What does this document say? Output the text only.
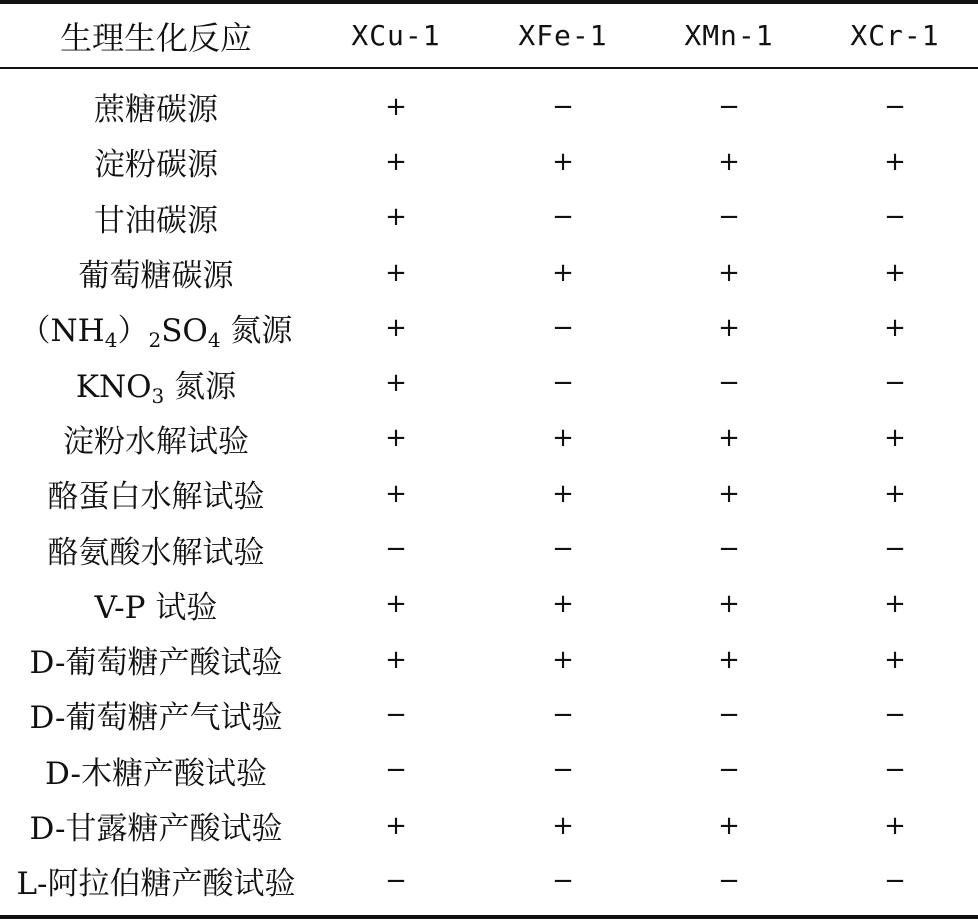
生理生化反应	XCu-1	XFe-1	XMn-1	XCr-1

蔗糖碳源	+	−	−	−
淀粉碳源	+	+	+	+
甘油碳源	+	−	−	−
葡萄糖碳源	+	+	+	+
$(NH_4)_2SO_4$ 氮源	+	−	+	+
$KNO_3$ 氮源	+	−	−	−
淀粉水解试验	+	+	+	+
酪蛋白水解试验	+	+	+	+
酪氨酸水解试验	−	−	−	−
V-P 试验	+	+	+	+
D-葡萄糖产酸试验	+	+	+	+
D-葡萄糖产气试验	−	−	−	−
D-木糖产酸试验	−	−	−	−
D-甘露糖产酸试验	+	+	+	+
L-阿拉伯糖产酸试验	−	−	−	−
